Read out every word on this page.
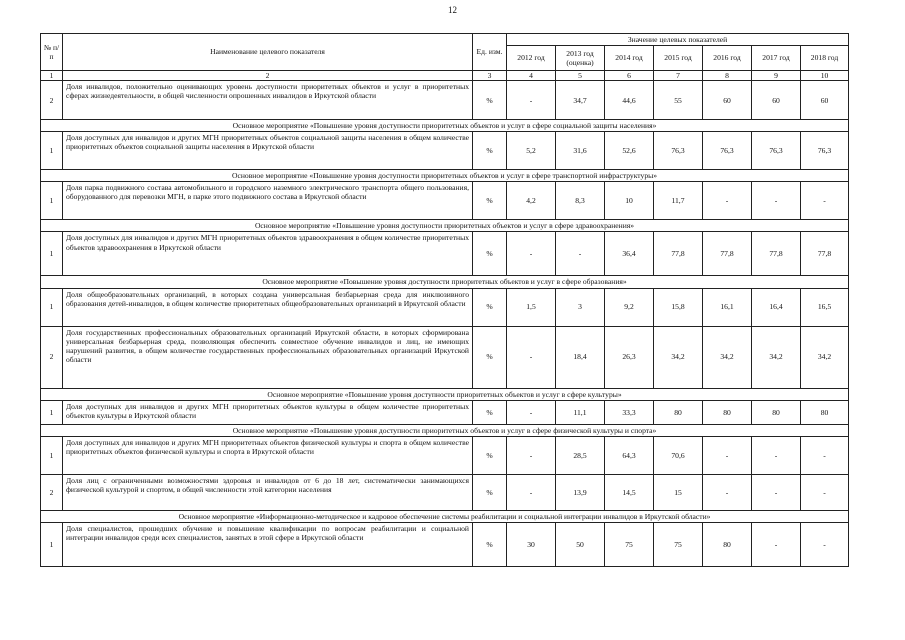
12
№ п/п	Наименование целевого показателя	Ед. изм.	Значение целевых показателей						
			2012 год	2013 год (оценка)	2014 год	2015 год	2016 год	2017 год	2018 год
1	2	3	4	5	6	7	8	9	10
2	Доля инвалидов, положительно оценивающих уровень доступности приоритетных объектов и услуг в приоритетных сферах жизнедеятельности, в общей численности опрошенных инвалидов в Иркутской области	%	-	34,7	44,6	55	60	60	60
Основное мероприятие «Повышение уровня доступности приоритетных объектов и услуг в сфере социальной защиты населения»									
1	Доля доступных для инвалидов и других МГН приоритетных объектов социальной защиты населения в общем количестве приоритетных объектов социальной защиты населения в Иркутской области	%	5,2	31,6	52,6	76,3	76,3	76,3	76,3
Основное мероприятие «Повышение уровня доступности приоритетных объектов и услуг в сфере транспортной инфраструктуры»									
1	Доля парка подвижного состава автомобильного и городского наземного электрического транспорта общего пользования, оборудованного для перевозки МГН, в парке этого подвижного состава в Иркутской области	%	4,2	8,3	10	11,7	-	-	-
Основное мероприятие «Повышение уровня доступности приоритетных объектов и услуг в сфере здравоохранения»									
1	Доля доступных для инвалидов и других МГН приоритетных объектов здравоохранения в общем количестве приоритетных объектов здравоохранения в Иркутской области	%	-	-	36,4	77,8	77,8	77,8	77,8
Основное мероприятие «Повышение уровня доступности приоритетных объектов и услуг в сфере образования»									
1	Доля общеобразовательных организаций, в которых создана универсальная безбарьерная среда для инклюзивного образования детей-инвалидов, в общем количестве приоритетных общеобразовательных организаций в Иркутской области	%	1,5	3	9,2	15,8	16,1	16,4	16,5
2	Доля государственных профессиональных образовательных организаций Иркутской области, в которых сформирована универсальная безбарьерная среда, позволяющая обеспечить совместное обучение инвалидов и лиц, не имеющих нарушений развития, в общем количестве государственных профессиональных образовательных организаций Иркутской области	%	-	18,4	26,3	34,2	34,2	34,2	34,2
Основное мероприятие «Повышение уровня доступности приоритетных объектов и услуг в сфере культуры»									
1	Доля доступных для инвалидов и других МГН приоритетных объектов культуры в общем количестве приоритетных объектов культуры в Иркутской области	%	-	11,1	33,3	80	80	80	80
Основное мероприятие «Повышение уровня доступности приоритетных объектов и услуг в сфере физической культуры и спорта»									
1	Доля доступных для инвалидов и других МГН приоритетных объектов физической культуры и спорта в общем количестве приоритетных объектов физической культуры и спорта в Иркутской области	%	-	28,5	64,3	70,6	-	-	-
2	Доля лиц с ограниченными возможностями здоровья и инвалидов от 6 до 18 лет, систематически занимающихся физической культурой и спортом, в общей численности этой категории населения	%	-	13,9	14,5	15	-	-	-
Основное мероприятие «Информационно-методическое и кадровое обеспечение системы реабилитации и социальной интеграции инвалидов в Иркутской области»									
1	Доля специалистов, прошедших обучение и повышение квалификации по вопросам реабилитации и социальной интеграции инвалидов среди всех специалистов, занятых в этой сфере в Иркутской области	%	30	50	75	75	80	-	-
